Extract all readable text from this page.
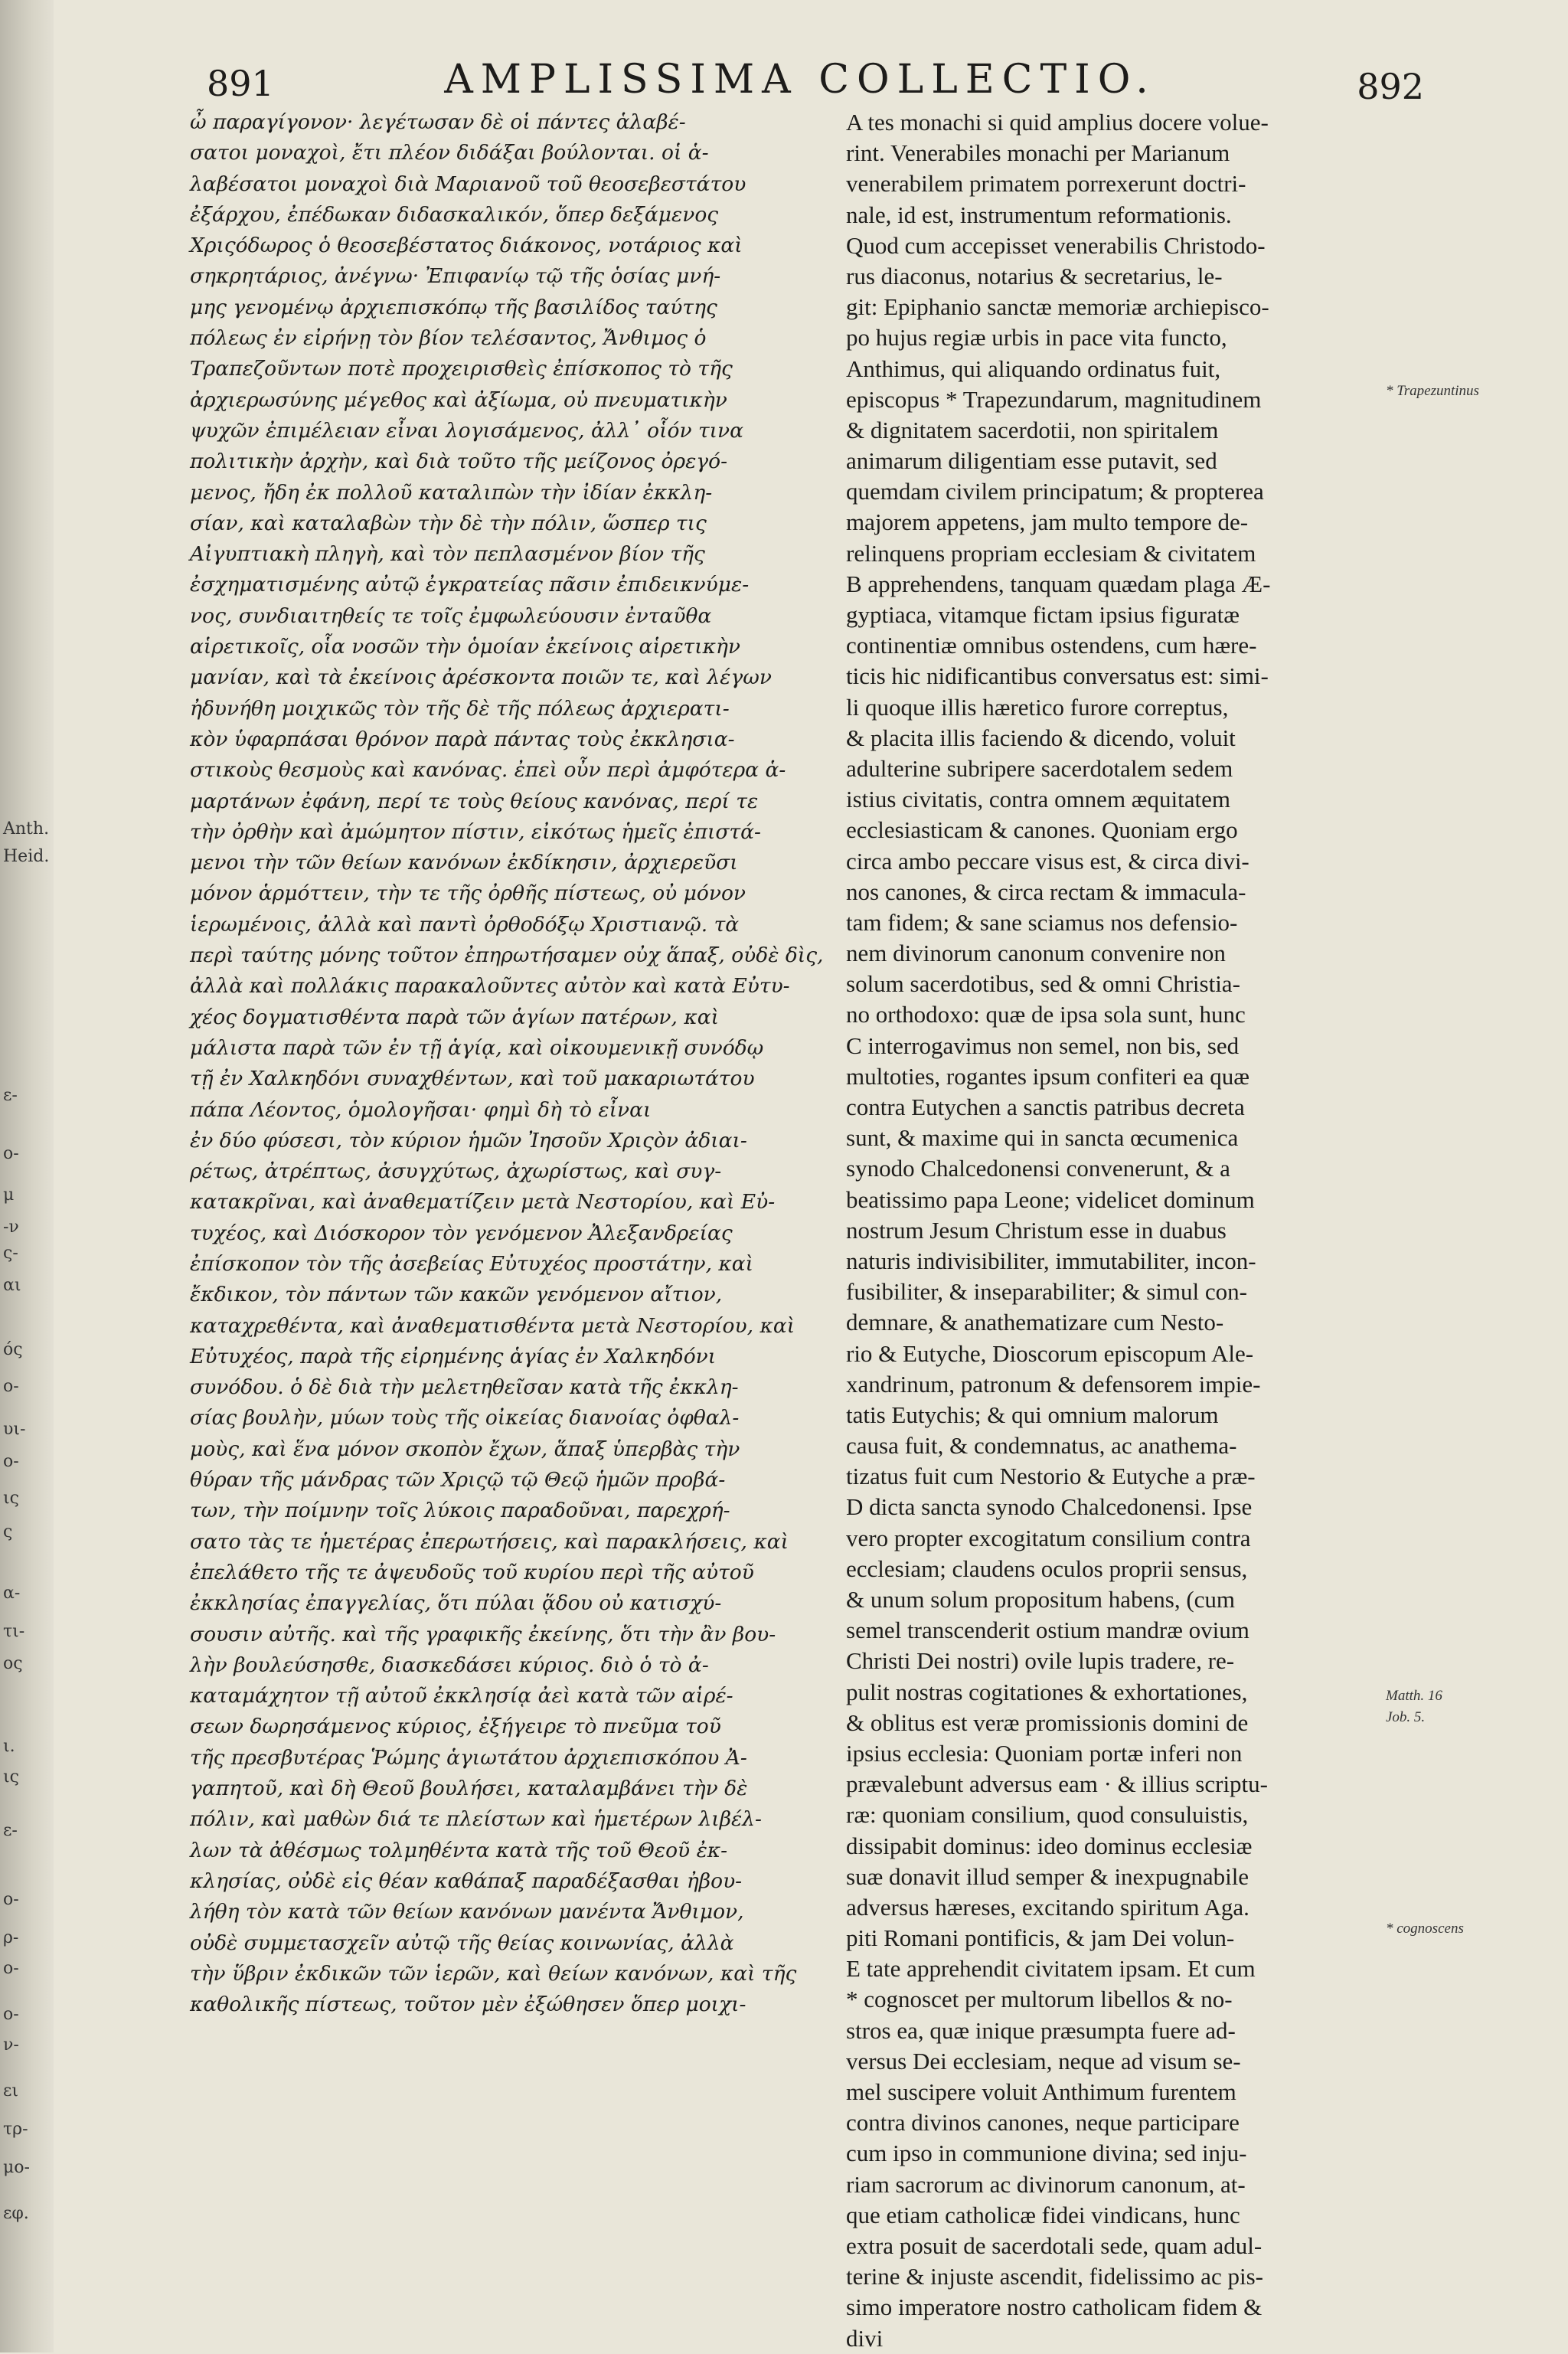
Anth.
Heid.
ε-
ο-
μ
-ν
ς-
αι
ός
ο-
υι-
ο-
ις
ς
α-
τι-
ος
ι.
ις
ε-
ο-
ρ-
ο-
ο-
ν-
ει
τρ-
μο-
εφ.
891	AMPLISSIMA COLLECTIO.	892
ὦ παραγίγονον· λεγέτωσαν δὲ οἱ πάντες ἁλαβέ-
σατοι μοναχοὶ, ἔτι πλέον διδάξαι βούλονται. οἱ ἁ-
λαβέσατοι μοναχοὶ διὰ Μαριανοῦ τοῦ θεοσεβεστάτου
ἐξάρχου, ἐπέδωκαν διδασκαλικόν, ὅπερ δεξάμενος
Χριςόδωρος ὁ θεοσεβέστατος διάκονος, νοτάριος καὶ
σηκρητάριος, ἀνέγνω· Ἐπιφανίῳ τῷ τῆς ὁσίας μνή-
μης γενομένῳ ἀρχιεπισκόπῳ τῆς βασιλίδος ταύτης
πόλεως ἐν εἰρήνῃ τὸν βίον τελέσαντος, Ἄνθιμος ὁ
Τραπεζοῦντων ποτὲ προχειρισθεὶς ἐπίσκοπος τὸ τῆς
ἀρχιερωσύνης μέγεθος καὶ ἀξίωμα, οὐ πνευματικὴν
ψυχῶν ἐπιμέλειαν εἶναι λογισάμενος, ἀλλ᾽ οἷόν τινα
πολιτικὴν ἀρχὴν, καὶ διὰ τοῦτο τῆς μείζονος ὀρεγό-
μενος, ἤδη ἐκ πολλοῦ καταλιπὼν τὴν ἰδίαν ἐκκλη-
σίαν, καὶ καταλαβὼν τὴν δὲ τὴν πόλιν, ὥσπερ τις
Αἰγυπτιακὴ πληγὴ, καὶ τὸν πεπλασμένον βίον τῆς
ἐσχηματισμένης αὐτῷ ἐγκρατείας πᾶσιν ἐπιδεικνύμε-
νος, συνδιαιτηθείς τε τοῖς ἐμφωλεύουσιν ἐνταῦθα
αἱρετικοῖς, οἷα νοσῶν τὴν ὁμοίαν ἐκείνοις αἱρετικὴν
μανίαν, καὶ τὰ ἐκείνοις ἀρέσκοντα ποιῶν τε, καὶ λέγων
ἠδυνήθη μοιχικῶς τὸν τῆς δὲ τῆς πόλεως ἀρχιερατι-
κὸν ὑφαρπάσαι θρόνον παρὰ πάντας τοὺς ἐκκλησια-
στικοὺς θεσμοὺς καὶ κανόνας. ἐπεὶ οὖν περὶ ἀμφότερα ἁ-
μαρτάνων ἐφάνη, περί τε τοὺς θείους κανόνας, περί τε
τὴν ὀρθὴν καὶ ἀμώμητον πίστιν, εἰκότως ἡμεῖς ἐπιστά-
μενοι τὴν τῶν θείων κανόνων ἐκδίκησιν, ἀρχιερεῦσι
μόνον ἁρμόττειν, τὴν τε τῆς ὀρθῆς πίστεως, οὐ μόνον
ἱερωμένοις, ἀλλὰ καὶ παντὶ ὀρθοδόξῳ Χριστιανῷ. τὰ
περὶ ταύτης μόνης τοῦτον ἐπηρωτήσαμεν οὐχ ἅπαξ, οὐδὲ δὶς,
ἀλλὰ καὶ πολλάκις παρακαλοῦντες αὐτὸν καὶ κατὰ Εὐτυ-
χέος δογματισθέντα παρὰ τῶν ἁγίων πατέρων, καὶ
μάλιστα παρὰ τῶν ἐν τῇ ἁγίᾳ, καὶ οἰκουμενικῇ συνόδῳ
τῇ ἐν Χαλκηδόνι συναχθέντων, καὶ τοῦ μακαριωτάτου
πάπα Λέοντος, ὁμολογῆσαι· φημὶ δὴ τὸ εἶναι
ἐν δύο φύσεσι, τὸν κύριον ἡμῶν Ἰησοῦν Χριςὸν ἀδιαι-
ρέτως, ἀτρέπτως, ἀσυγχύτως, ἀχωρίστως, καὶ συγ-
κατακρῖναι, καὶ ἀναθεματίζειν μετὰ Νεστορίου, καὶ Εὐ-
τυχέος, καὶ Διόσκορον τὸν γενόμενον Ἀλεξανδρείας
ἐπίσκοπον τὸν τῆς ἀσεβείας Εὐτυχέος προστάτην, καὶ
ἔκδικον, τὸν πάντων τῶν κακῶν γενόμενον αἴτιον,
καταχρεθέντα, καὶ ἀναθεματισθέντα μετὰ Νεστορίου, καὶ
Εὐτυχέος, παρὰ τῆς εἰρημένης ἁγίας ἐν Χαλκηδόνι
συνόδου. ὁ δὲ διὰ τὴν μελετηθεῖσαν κατὰ τῆς ἐκκλη-
σίας βουλὴν, μύων τοὺς τῆς οἰκείας διανοίας ὀφθαλ-
μοὺς, καὶ ἕνα μόνον σκοπὸν ἔχων, ἅπαξ ὑπερβὰς τὴν
θύραν τῆς μάνδρας τῶν Χριςῷ τῷ Θεῷ ἡμῶν προβά-
των, τὴν ποίμνην τοῖς λύκοις παραδοῦναι, παρεχρή-
σατο τὰς τε ἡμετέρας ἐπερωτήσεις, καὶ παρακλήσεις, καὶ
ἐπελάθετο τῆς τε ἀψευδοῦς τοῦ κυρίου περὶ τῆς αὐτοῦ
ἐκκλησίας ἐπαγγελίας, ὅτι πύλαι ᾅδου οὐ κατισχύ-
σουσιν αὐτῆς. καὶ τῆς γραφικῆς ἐκείνης, ὅτι τὴν ἂν βου-
λὴν βουλεύσησθε, διασκεδάσει κύριος. διὸ ὁ τὸ ἀ-
καταμάχητον τῇ αὐτοῦ ἐκκλησίᾳ ἀεὶ κατὰ τῶν αἱρέ-
σεων δωρησάμενος κύριος, ἐξήγειρε τὸ πνεῦμα τοῦ
τῆς πρεσβυτέρας Ῥώμης ἁγιωτάτου ἀρχιεπισκόπου Ἀ-
γαπητοῦ, καὶ δὴ Θεοῦ βουλήσει, καταλαμβάνει τὴν δὲ
πόλιν, καὶ μαθὼν διά τε πλείστων καὶ ἡμετέρων λιβέλ-
λων τὰ ἀθέσμως τολμηθέντα κατὰ τῆς τοῦ Θεοῦ ἐκ-
κλησίας, οὐδὲ εἰς θέαν καθάπαξ παραδέξασθαι ἠβου-
λήθη τὸν κατὰ τῶν θείων κανόνων μανέντα Ἄνθιμον,
οὐδὲ συμμετασχεῖν αὐτῷ τῆς θείας κοινωνίας, ἀλλὰ
τὴν ὕβριν ἐκδικῶν τῶν ἱερῶν, καὶ θείων κανόνων, καὶ τῆς
καθολικῆς πίστεως, τοῦτον μὲν ἐξώθησεν ὅπερ μοιχι-
A tes monachi si quid amplius docere volue-
rint. Venerabiles monachi per Marianum
venerabilem primatem porrexerunt doctri-
nale, id est, instrumentum reformationis.
Quod cum accepisset venerabilis Christodo-
rus diaconus, notarius & secretarius, le-
git: Epiphanio sanctæ memoriæ archiepisco-
po hujus regiæ urbis in pace vita functo,
Anthimus, qui aliquando ordinatus fuit,
episcopus * Trapezundarum, magnitudinem
& dignitatem sacerdotii, non spiritalem
animarum diligentiam esse putavit, sed
quemdam civilem principatum; & propterea
majorem appetens, jam multo tempore de-
relinquens propriam ecclesiam & civitatem
B apprehendens, tanquam quædam plaga Æ-
gyptiaca, vitamque fictam ipsius figuratæ
continentiæ omnibus ostendens, cum hære-
ticis hic nidificantibus conversatus est: simi-
li quoque illis hæretico furore correptus,
& placita illis faciendo & dicendo, voluit
adulterine subripere sacerdotalem sedem
istius civitatis, contra omnem æquitatem
ecclesiasticam & canones. Quoniam ergo
circa ambo peccare visus est, & circa divi-
nos canones, & circa rectam & immacula-
tam fidem; & sane sciamus nos defensio-
nem divinorum canonum convenire non
solum sacerdotibus, sed & omni Christia-
no orthodoxo: quæ de ipsa sola sunt, hunc
C interrogavimus non semel, non bis, sed
multoties, rogantes ipsum confiteri ea quæ
contra Eutychen a sanctis patribus decreta
sunt, & maxime qui in sancta œcumenica
synodo Chalcedonensi convenerunt, & a
beatissimo papa Leone; videlicet dominum
nostrum Jesum Christum esse in duabus
naturis indivisibiliter, immutabiliter, incon-
fusibiliter, & inseparabiliter; & simul con-
demnare, & anathematizare cum Nesto-
rio & Eutyche, Dioscorum episcopum Ale-
xandrinum, patronum & defensorem impie-
tatis Eutychis; & qui omnium malorum
causa fuit, & condemnatus, ac anathema-
tizatus fuit cum Nestorio & Eutyche a præ-
D dicta sancta synodo Chalcedonensi. Ipse
vero propter excogitatum consilium contra
ecclesiam; claudens oculos proprii sensus,
& unum solum propositum habens, (cum
semel transcenderit ostium mandræ ovium
Christi Dei nostri) ovile lupis tradere, re-
pulit nostras cogitationes & exhortationes,
& oblitus est veræ promissionis domini de
ipsius ecclesia: Quoniam portæ inferi non
prævalebunt adversus eam · & illius scriptu-
ræ: quoniam consilium, quod consuluistis,
dissipabit dominus: ideo dominus ecclesiæ
suæ donavit illud semper & inexpugnabile
adversus hæreses, excitando spiritum Aga.
piti Romani pontificis, & jam Dei volun-
E tate apprehendit civitatem ipsam. Et cum
* cognoscet per multorum libellos & no-
stros ea, quæ inique præsumpta fuere ad-
versus Dei ecclesiam, neque ad visum se-
mel suscipere voluit Anthimum furentem
contra divinos canones, neque participare
cum ipso in communione divina; sed inju-
riam sacrorum ac divinorum canonum, at-
que etiam catholicæ fidei vindicans, hunc
extra posuit de sacerdotali sede, quam adul-
terine & injuste ascendit, fidelissimo ac pis-
simo imperatore nostro catholicam fidem &
divi
* Trapezuntinus
Matth. 16
Job. 5.
* cognoscens
